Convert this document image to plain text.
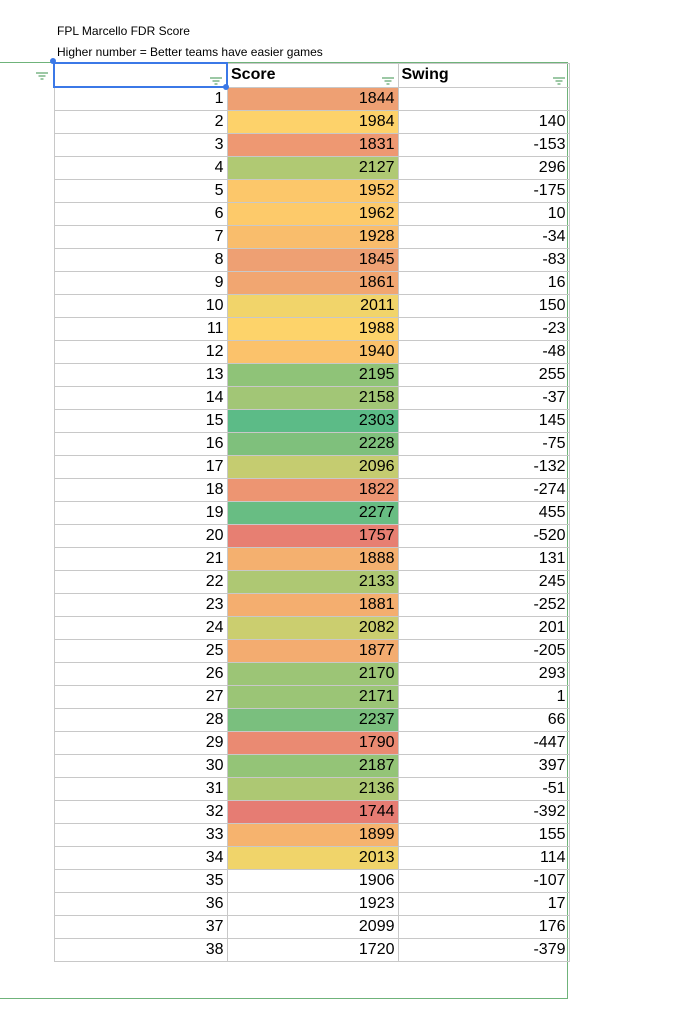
FPL Marcello FDR Score
Higher number = Better teams have easier games
	Score	Swing

1	1844	
2	1984	140
3	1831	-153
4	2127	296
5	1952	-175
6	1962	10
7	1928	-34
8	1845	-83
9	1861	16
10	2011	150
11	1988	-23
12	1940	-48
13	2195	255
14	2158	-37
15	2303	145
16	2228	-75
17	2096	-132
18	1822	-274
19	2277	455
20	1757	-520
21	1888	131
22	2133	245
23	1881	-252
24	2082	201
25	1877	-205
26	2170	293
27	2171	1
28	2237	66
29	1790	-447
30	2187	397
31	2136	-51
32	1744	-392
33	1899	155
34	2013	114
35	1906	-107
36	1923	17
37	2099	176
38	1720	-379
